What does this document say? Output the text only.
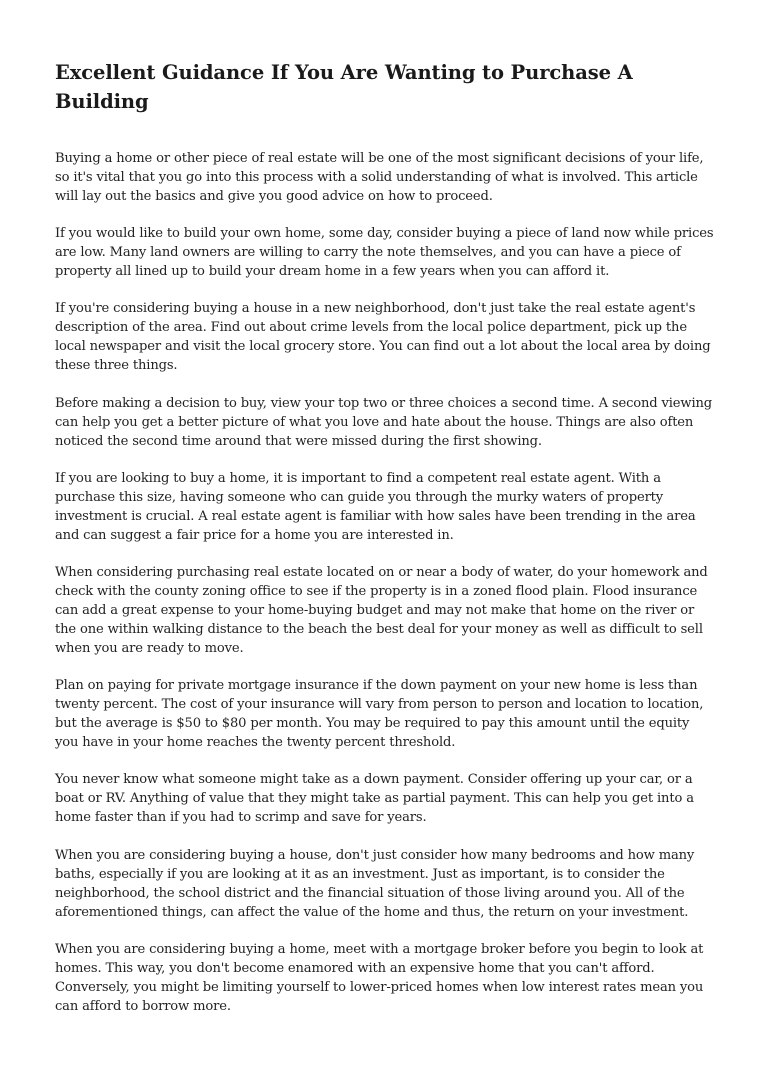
Excellent Guidance If You Are Wanting to Purchase A Building

Buying a home or other piece of real estate will be one of the most significant decisions of your life, so it's vital that you go into this process with a solid understanding of what is involved. This article will lay out the basics and give you good advice on how to proceed.

If you would like to build your own home, some day, consider buying a piece of land now while prices are low. Many land owners are willing to carry the note themselves, and you can have a piece of property all lined up to build your dream home in a few years when you can afford it.

If you're considering buying a house in a new neighborhood, don't just take the real estate agent's description of the area. Find out about crime levels from the local police department, pick up the local newspaper and visit the local grocery store. You can find out a lot about the local area by doing these three things.

Before making a decision to buy, view your top two or three choices a second time. A second viewing can help you get a better picture of what you love and hate about the house. Things are also often noticed the second time around that were missed during the first showing.

If you are looking to buy a home, it is important to find a competent real estate agent. With a purchase this size, having someone who can guide you through the murky waters of property investment is crucial. A real estate agent is familiar with how sales have been trending in the area and can suggest a fair price for a home you are interested in.

When considering purchasing real estate located on or near a body of water, do your homework and check with the county zoning office to see if the property is in a zoned flood plain. Flood insurance can add a great expense to your home-buying budget and may not make that home on the river or the one within walking distance to the beach the best deal for your money as well as difficult to sell when you are ready to move.

Plan on paying for private mortgage insurance if the down payment on your new home is less than twenty percent. The cost of your insurance will vary from person to person and location to location, but the average is $50 to $80 per month. You may be required to pay this amount until the equity you have in your home reaches the twenty percent threshold.

You never know what someone might take as a down payment. Consider offering up your car, or a boat or RV. Anything of value that they might take as partial payment. This can help you get into a home faster than if you had to scrimp and save for years.

When you are considering buying a house, don't just consider how many bedrooms and how many baths, especially if you are looking at it as an investment. Just as important, is to consider the neighborhood, the school district and the financial situation of those living around you. All of the aforementioned things, can affect the value of the home and thus, the return on your investment.

When you are considering buying a home, meet with a mortgage broker before you begin to look at homes. This way, you don't become enamored with an expensive home that you can't afford. Conversely, you might be limiting yourself to lower-priced homes when low interest rates mean you can afford to borrow more.
